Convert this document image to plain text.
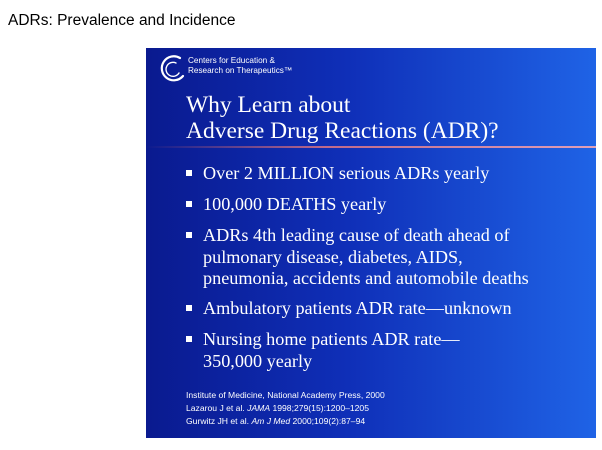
ADRs: Prevalence and Incidence
Centers for Education &
Research on Therapeutics™
Why Learn about
Adverse Drug Reactions (ADR)?
Over 2 MILLION serious ADRs yearly
100,000 DEATHS yearly
ADRs 4th leading cause of death ahead of
pulmonary disease, diabetes, AIDS,
pneumonia, accidents and automobile deaths
Ambulatory patients ADR rate—unknown
Nursing home patients ADR rate—
350,000 yearly
Institute of Medicine, National Academy Press, 2000
Lazarou J et al. JAMA 1998;279(15):1200–1205
Gurwitz JH et al. Am J Med 2000;109(2):87–94
